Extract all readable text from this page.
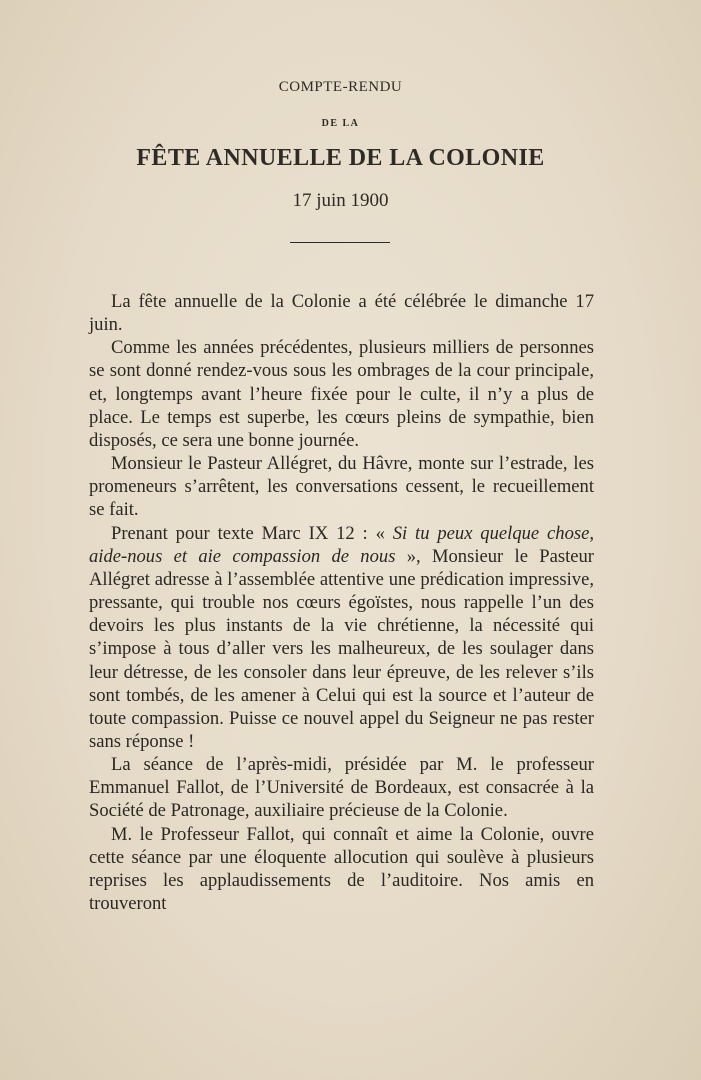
COMPTE-RENDU
DE LA
FÊTE ANNUELLE DE LA COLONIE
17 juin 1900

La fête annuelle de la Colonie a été célébrée le dimanche 17 juin.

Comme les années précédentes, plusieurs milliers de personnes se sont donné rendez-vous sous les ombrages de la cour principale, et, longtemps avant l’heure fixée pour le culte, il n’y a plus de place. Le temps est superbe, les cœurs pleins de sympathie, bien disposés, ce sera une bonne journée.

Monsieur le Pasteur Allégret, du Hâvre, monte sur l’estrade, les promeneurs s’arrêtent, les conversations cessent, le recueillement se fait.

Prenant pour texte Marc IX 12 : « Si tu peux quelque chose, aide-nous et aie compassion de nous », Monsieur le Pasteur Allégret adresse à l’assemblée attentive une prédication impressive, pressante, qui trouble nos cœurs égoïstes, nous rappelle l’un des devoirs les plus instants de la vie chrétienne, la nécessité qui s’impose à tous d’aller vers les malheureux, de les soulager dans leur détresse, de les consoler dans leur épreuve, de les relever s’ils sont tombés, de les amener à Celui qui est la source et l’auteur de toute compassion. Puisse ce nouvel appel du Seigneur ne pas rester sans réponse !

La séance de l’après-midi, présidée par M. le professeur Emmanuel Fallot, de l’Université de Bordeaux, est consacrée à la Société de Patronage, auxiliaire précieuse de la Colonie.

M. le Professeur Fallot, qui connaît et aime la Colonie, ouvre cette séance par une éloquente allocution qui soulève à plusieurs reprises les applaudissements de l’auditoire. Nos amis en trouveront
